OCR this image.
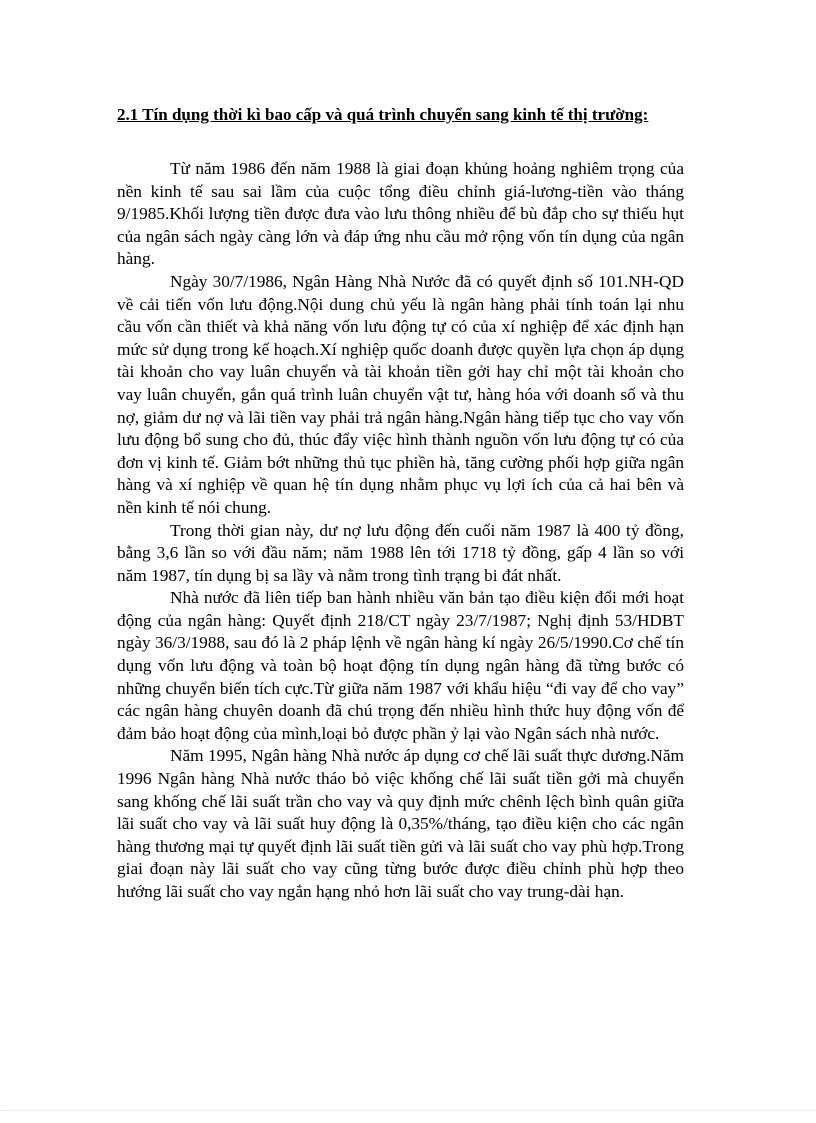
2.1 Tín dụng thời kì bao cấp và quá trình chuyển sang kinh tế thị trường:

Từ năm 1986 đến năm 1988 là giai đoạn khủng hoảng nghiêm trọng của nền kinh tế sau sai lầm của cuộc tổng điều chỉnh giá-lương-tiền vào tháng 9/1985.Khối lượng tiền được đưa vào lưu thông nhiều để bù đắp cho sự thiếu hụt của ngân sách ngày càng lớn và đáp ứng nhu cầu mở rộng vốn tín dụng của ngân hàng.

Ngày 30/7/1986, Ngân Hàng Nhà Nước đã có quyết định số 101.NH-QD về cải tiến vốn lưu động.Nội dung chủ yếu là ngân hàng phải tính toán lại nhu cầu vốn cần thiết và khả năng vốn lưu động tự có của xí nghiệp để xác định hạn mức sử dụng trong kế hoạch.Xí nghiệp quốc doanh được quyền lựa chọn áp dụng tài khoản cho vay luân chuyển và tài khoản tiền gởi hay chỉ một tài khoản cho vay luân chuyển, gắn quá trình luân chuyển vật tư, hàng hóa với doanh số và thu nợ, giảm dư nợ và lãi tiền vay phải trả ngân hàng.Ngân hàng tiếp tục cho vay vốn lưu động bổ sung cho đủ, thúc đẩy việc hình thành nguồn vốn lưu động tự có của đơn vị kinh tế. Giảm bớt những thủ tục phiền hà, tăng cường phối hợp giữa ngân hàng và xí nghiệp về quan hệ tín dụng nhằm phục vụ lợi ích của cả hai bên và nền kinh tế nói chung.

Trong thời gian này, dư nợ lưu động đến cuối năm 1987 là 400 tỷ đồng, bằng 3,6 lần so với đầu năm; năm 1988 lên tới 1718 tỷ đồng, gấp 4 lần so với năm 1987, tín dụng bị sa lầy và nằm trong tình trạng bi đát nhất.

Nhà nước đã liên tiếp ban hành nhiều văn bản tạo điều kiện đổi mới hoạt động của ngân hàng: Quyết định 218/CT ngày 23/7/1987; Nghị định 53/HDBT ngày 36/3/1988, sau đó là 2 pháp lệnh về ngân hàng kí ngày 26/5/1990.Cơ chế tín dụng vốn lưu động và toàn bộ hoạt động tín dụng ngân hàng đã từng bước có những chuyển biến tích cực.Từ giữa năm 1987 với khẩu hiệu “đi vay để cho vay” các ngân hàng chuyên doanh đã chú trọng đến nhiều hình thức huy động vốn để đảm bảo hoạt động của mình,loại bỏ được phần ỷ lại vào Ngân sách nhà nước.

Năm 1995, Ngân hàng Nhà nước áp dụng cơ chế lãi suất thực dương.Năm 1996 Ngân hàng Nhà nước tháo bỏ việc khống chế lãi suất tiền gởi mà chuyển sang khống chế lãi suất trần cho vay và quy định mức chênh lệch bình quân giữa lãi suất cho vay và lãi suất huy động là 0,35%/tháng, tạo điều kiện cho các ngân hàng thương mại tự quyết định lãi suất tiền gửi và lãi suất cho vay phù hợp.Trong giai đoạn này lãi suất cho vay cũng từng bước được điều chỉnh phù hợp theo hướng lãi suất cho vay ngắn hạng nhỏ hơn lãi suất cho vay trung-dài hạn.
